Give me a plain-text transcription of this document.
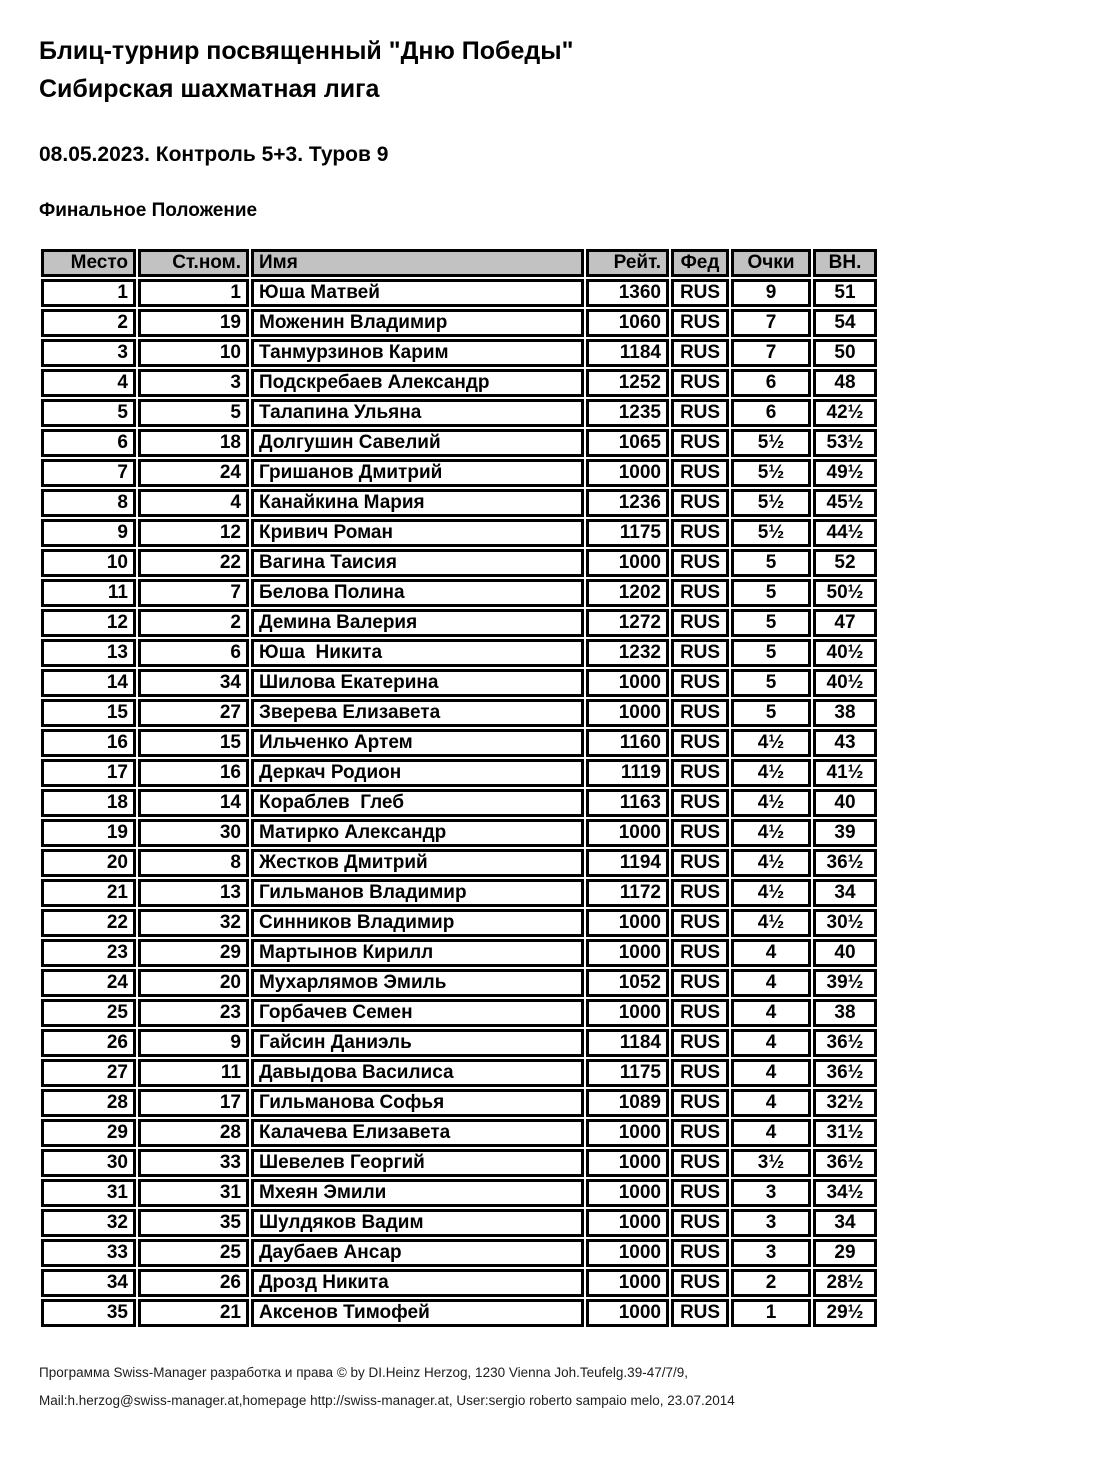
Блиц-турнир посвященный "Дню Победы"
Сибирская шахматная лига
08.05.2023. Контроль 5+3. Туров 9
Финальное Положение
Место	Ст.ном.	Имя	Рейт.	Фед	Очки	ВН.
1	1	Юша Матвей	1360	RUS	9	51
2	19	Моженин Владимир	1060	RUS	7	54
3	10	Танмурзинов Карим	1184	RUS	7	50
4	3	Подскребаев Александр	1252	RUS	6	48
5	5	Талапина Ульяна	1235	RUS	6	42½
6	18	Долгушин Савелий	1065	RUS	5½	53½
7	24	Гришанов Дмитрий	1000	RUS	5½	49½
8	4	Канайкина Мария	1236	RUS	5½	45½
9	12	Кривич Роман	1175	RUS	5½	44½
10	22	Вагина Таисия	1000	RUS	5	52
11	7	Белова Полина	1202	RUS	5	50½
12	2	Демина Валерия	1272	RUS	5	47
13	6	Юша  Никита	1232	RUS	5	40½
14	34	Шилова Екатерина	1000	RUS	5	40½
15	27	Зверева Елизавета	1000	RUS	5	38
16	15	Ильченко Артем	1160	RUS	4½	43
17	16	Деркач Родион	1119	RUS	4½	41½
18	14	Кораблев  Глеб	1163	RUS	4½	40
19	30	Матирко Александр	1000	RUS	4½	39
20	8	Жестков Дмитрий	1194	RUS	4½	36½
21	13	Гильманов Владимир	1172	RUS	4½	34
22	32	Синников Владимир	1000	RUS	4½	30½
23	29	Мартынов Кирилл	1000	RUS	4	40
24	20	Мухарлямов Эмиль	1052	RUS	4	39½
25	23	Горбачев Семен	1000	RUS	4	38
26	9	Гайсин Даниэль	1184	RUS	4	36½
27	11	Давыдова Василиса	1175	RUS	4	36½
28	17	Гильманова Софья	1089	RUS	4	32½
29	28	Калачева Елизавета	1000	RUS	4	31½
30	33	Шевелев Георгий	1000	RUS	3½	36½
31	31	Мхеян Эмили	1000	RUS	3	34½
32	35	Шулдяков Вадим	1000	RUS	3	34
33	25	Даубаев Ансар	1000	RUS	3	29
34	26	Дрозд Никита	1000	RUS	2	28½
35	21	Аксенов Тимофей	1000	RUS	1	29½
Программа Swiss-Manager разработка и права © by DI.Heinz Herzog, 1230 Vienna Joh.Teufelg.39-47/7/9,
Mail:h.herzog@swiss-manager.at,homepage http://swiss-manager.at, User:sergio roberto sampaio melo, 23.07.2014
